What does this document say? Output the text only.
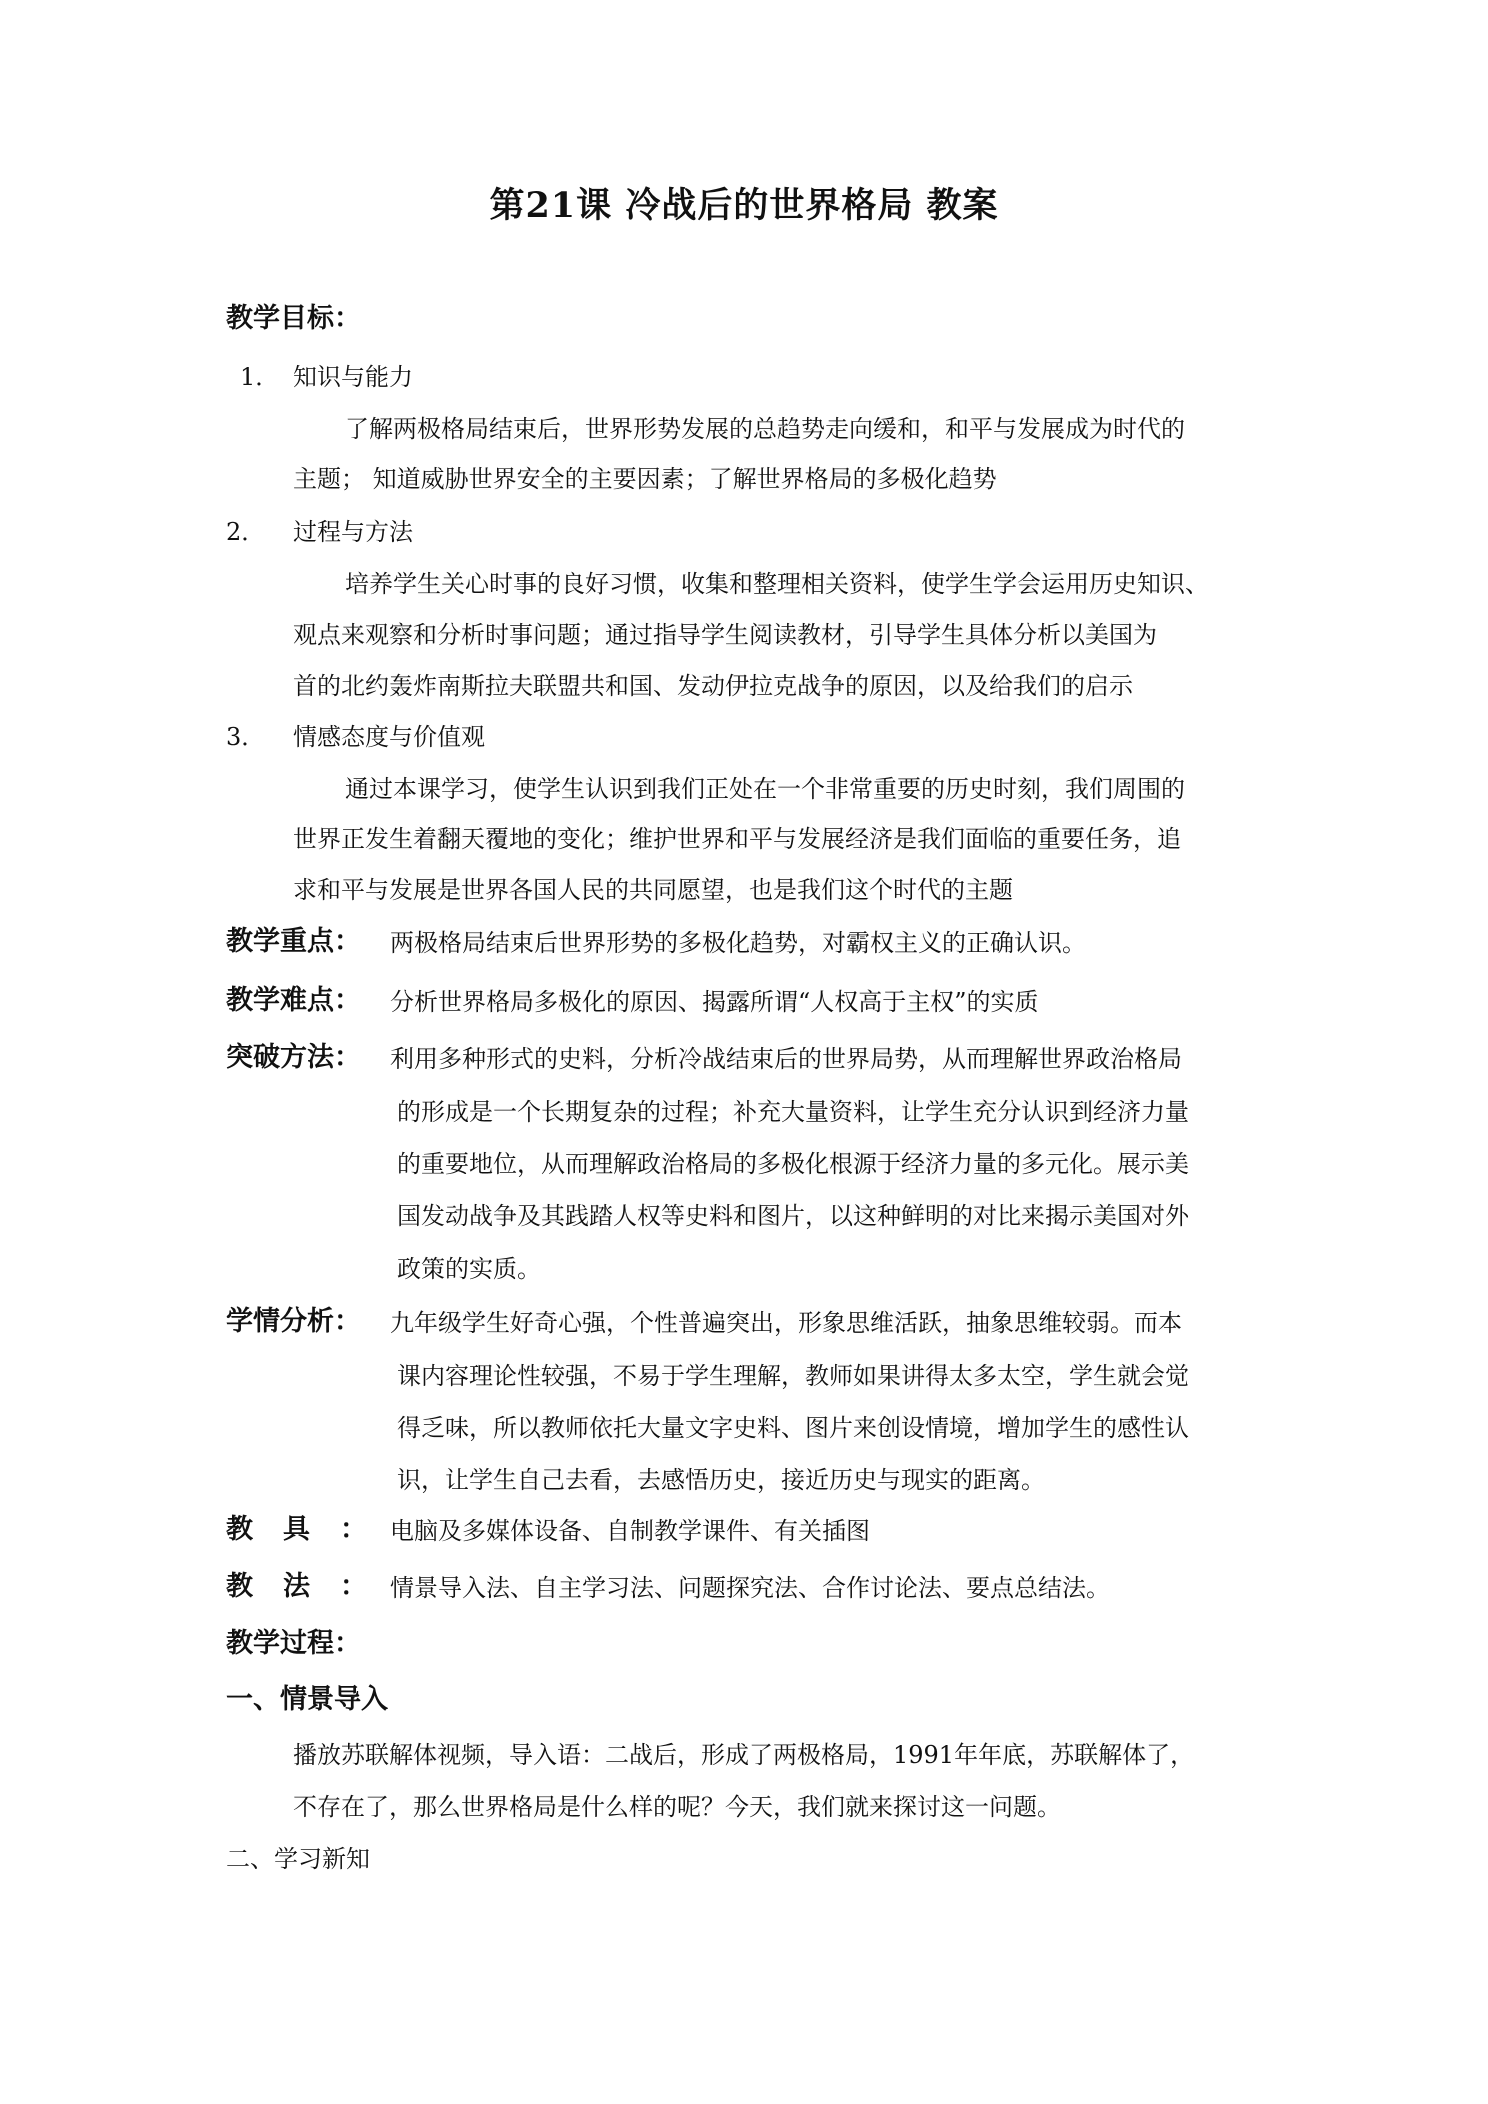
第21课 冷战后的世界格局 教案
教学目标：
1． 知识与能力
了解两极格局结束后，世界形势发展的总趋势走向缓和，和平与发展成为时代的
主题； 知道威胁世界安全的主要因素；了解世界格局的多极化趋势
2． 过程与方法
培养学生关心时事的良好习惯，收集和整理相关资料，使学生学会运用历史知识、
观点来观察和分析时事问题；通过指导学生阅读教材，引导学生具体分析以美国为
首的北约轰炸南斯拉夫联盟共和国、发动伊拉克战争的原因，以及给我们的启示
3． 情感态度与价值观
通过本课学习，使学生认识到我们正处在一个非常重要的历史时刻，我们周围的
世界正发生着翻天覆地的变化；维护世界和平与发展经济是我们面临的重要任务，追
求和平与发展是世界各国人民的共同愿望，也是我们这个时代的主题
教学重点： 两极格局结束后世界形势的多极化趋势，对霸权主义的正确认识。
教学难点： 分析世界格局多极化的原因、揭露所谓“人权高于主权”的实质
突破方法： 利用多种形式的史料，分析冷战结束后的世界局势，从而理解世界政治格局
的形成是一个长期复杂的过程；补充大量资料，让学生充分认识到经济力量
的重要地位，从而理解政治格局的多极化根源于经济力量的多元化。展示美
国发动战争及其践踏人权等史料和图片，以这种鲜明的对比来揭示美国对外
政策的实质。
学情分析： 九年级学生好奇心强，个性普遍突出，形象思维活跃，抽象思维较弱。而本
课内容理论性较强，不易于学生理解，教师如果讲得太多太空，学生就会觉
得乏味，所以教师依托大量文字史料、图片来创设情境，增加学生的感性认
识，让学生自己去看，去感悟历史，接近历史与现实的距离。
教具：
电脑及多媒体设备、自制教学课件、有关插图
教法：
情景导入法、自主学习法、问题探究法、合作讨论法、要点总结法。
教学过程：
一、情景导入
播放苏联解体视频，导入语：二战后，形成了两极格局，1991年年底，苏联解体了，
不存在了，那么世界格局是什么样的呢？今天，我们就来探讨这一问题。
二、学习新知
